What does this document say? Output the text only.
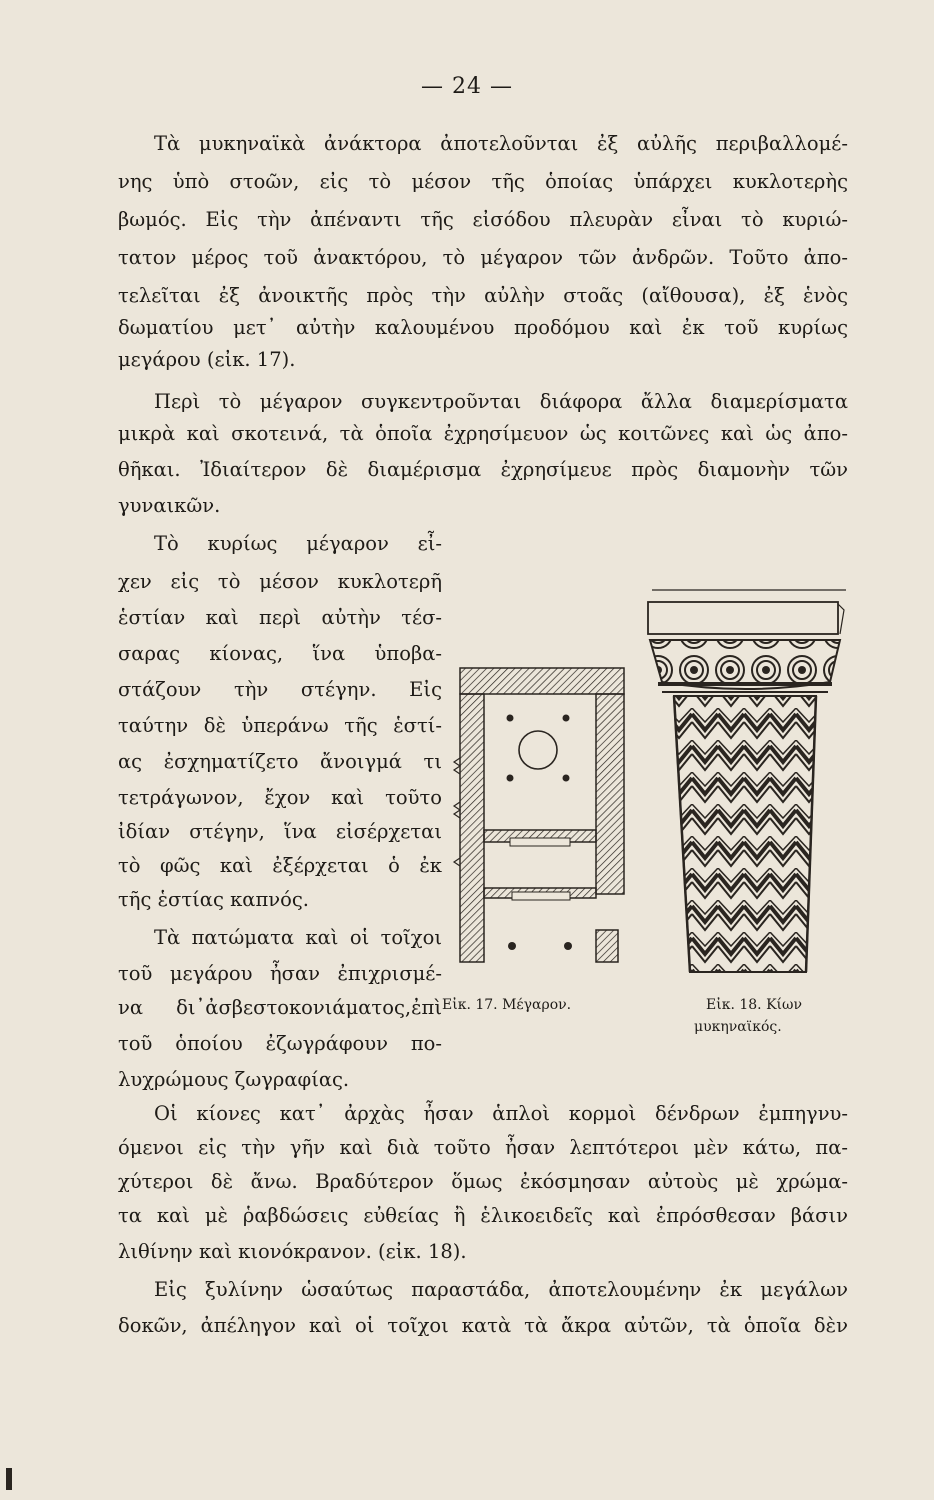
— 24 —
Τὰ μυκηναϊκὰ ἀνάκτορα ἀποτελοῦνται ἐξ αὐλῆς περιβαλλομέ-
νης ὑπὸ στοῶν, εἰς τὸ μέσον τῆς ὁποίας ὑπάρχει κυκλοτερὴς
βωμός. Εἰς τὴν ἀπέναντι τῆς εἰσόδου πλευρὰν εἶναι τὸ κυριώ-
τατον μέρος τοῦ ἀνακτόρου, τὸ μέγαρον τῶν ἀνδρῶν. Τοῦτο ἀπο-
τελεῖται ἐξ ἀνοικτῆς πρὸς τὴν αὐλὴν στοᾶς (αἴθουσα), ἐξ ἑνὸς
δωματίου μετ᾽ αὐτὴν καλουμένου προδόμου καὶ ἐκ τοῦ κυρίως
μεγάρου (εἰκ. 17).
Περὶ τὸ μέγαρον συγκεντροῦνται διάφορα ἄλλα διαμερίσματα
μικρὰ καὶ σκοτεινά, τὰ ὁποῖα ἐχρησίμευον ὡς κοιτῶνες καὶ ὡς ἀπο-
θῆκαι. Ἰδιαίτερον δὲ διαμέρισμα ἐχρησίμευε πρὸς διαμονὴν τῶν
γυναικῶν.
Τὸ κυρίως μέγαρον εἶ-
χεν εἰς τὸ μέσον κυκλοτερῆ
ἑστίαν καὶ περὶ αὐτὴν τέσ-
σαρας κίονας, ἵνα ὑποβα-
στάζουν τὴν στέγην. Εἰς
ταύτην δὲ ὑπεράνω τῆς ἑστί-
ας ἐσχηματίζετο ἄνοιγμά τι
τετράγωνον, ἔχον καὶ τοῦτο
ἰδίαν στέγην, ἵνα εἰσέρχεται
τὸ φῶς καὶ ἐξέρχεται ὁ ἐκ
τῆς ἑστίας καπνός.
Τὰ πατώματα καὶ οἱ τοῖχοι
τοῦ μεγάρου ἦσαν ἐπιχρισμέ-
να δι᾽ἀσβεστοκονιάματος,ἐπὶ
τοῦ ὁποίου ἐζωγράφουν πο-
λυχρώμους ζωγραφίας.
Εἰκ. 17. Μέγαρον.	Εἰκ. 18. Κίων
μυκηναϊκός.
Οἱ κίονες κατ᾽ ἀρχὰς ἦσαν ἁπλοὶ κορμοὶ δένδρων ἐμπηγνυ-
όμενοι εἰς τὴν γῆν καὶ διὰ τοῦτο ἦσαν λεπτότεροι μὲν κάτω, πα-
χύτεροι δὲ ἄνω. Βραδύτερον ὅμως ἐκόσμησαν αὐτοὺς μὲ χρώμα-
τα καὶ μὲ ῥαβδώσεις εὐθείας ἢ ἑλικοειδεῖς καὶ ἐπρόσθεσαν βάσιν
λιθίνην καὶ κιονόκρανον. (εἰκ. 18).
Εἰς ξυλίνην ὡσαύτως παραστάδα, ἀποτελουμένην ἐκ μεγάλων
δοκῶν, ἀπέληγον καὶ οἱ τοῖχοι κατὰ τὰ ἄκρα αὐτῶν, τὰ ὁποῖα δὲν
